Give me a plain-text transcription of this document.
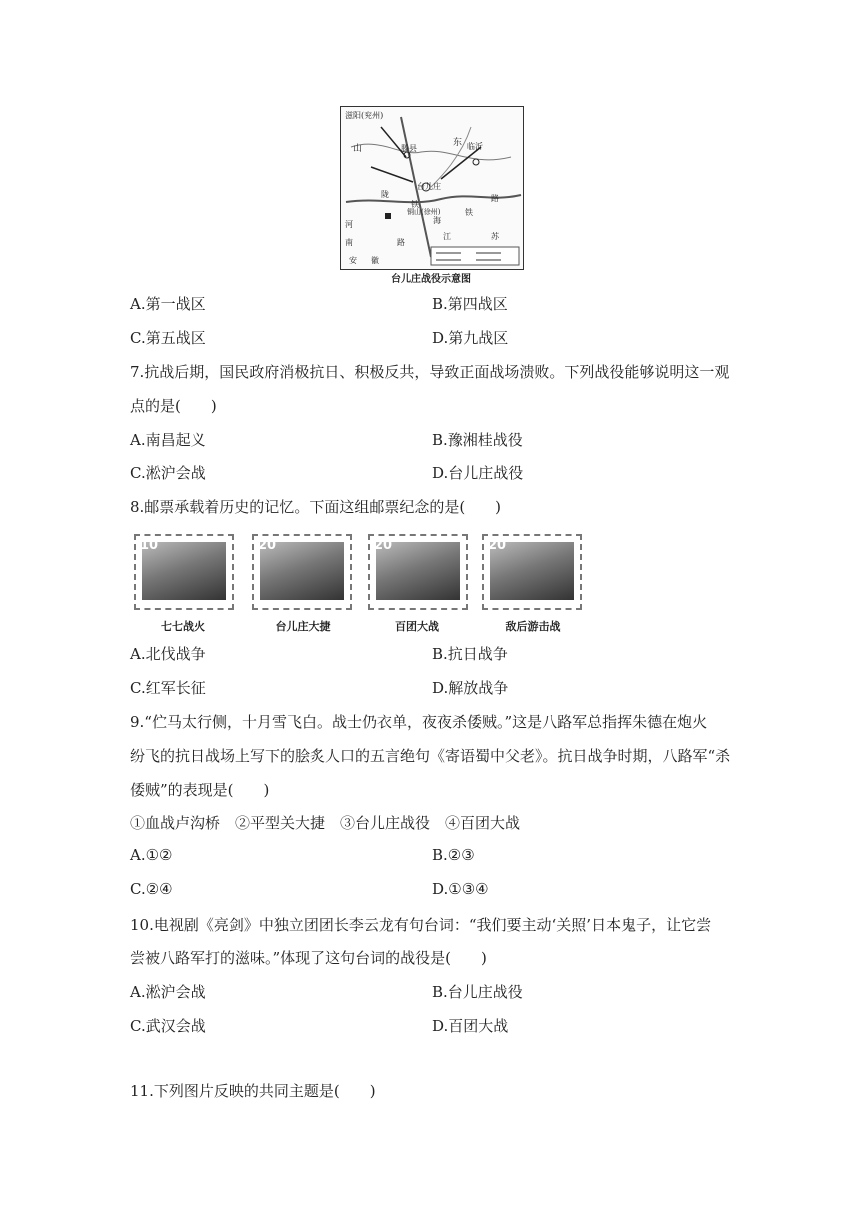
滋阳(兖州)
山
东 临沂
滕县
台儿庄
铁
陇
海
铁
路
河
南	路
江	苏
安 徽
铜山(徐州)
台儿庄战役示意图
A.第一战区	B.第四战区
C.第五战区	D.第九战区
7.抗战后期，国民政府消极抗日、积极反共，导致正面战场溃败。下列战役能够说明这一观
点的是(　　)
A.南昌起义	B.豫湘桂战役
C.淞沪会战	D.台儿庄战役
8.邮票承载着历史的记忆。下面这组邮票纪念的是(　　)
10	20	20	20
七七战火	台儿庄大捷	百团大战	敌后游击战
A.北伐战争	B.抗日战争
C.红军长征	D.解放战争
9.“伫马太行侧，十月雪飞白。战士仍衣单，夜夜杀倭贼。”这是八路军总指挥朱德在炮火
纷飞的抗日战场上写下的脍炙人口的五言绝句《寄语蜀中父老》。抗日战争时期，八路军“杀
倭贼”的表现是(　　)
①血战卢沟桥　②平型关大捷　③台儿庄战役　④百团大战
A.①②	B.②③
C.②④	D.①③④
10.电视剧《亮剑》中独立团团长李云龙有句台词：“我们要主动‘关照’日本鬼子，让它尝
尝被八路军打的滋味。”体现了这句台词的战役是(　　)
A.淞沪会战	B.台儿庄战役
C.武汉会战	D.百团大战
11.下列图片反映的共同主题是(　　)
